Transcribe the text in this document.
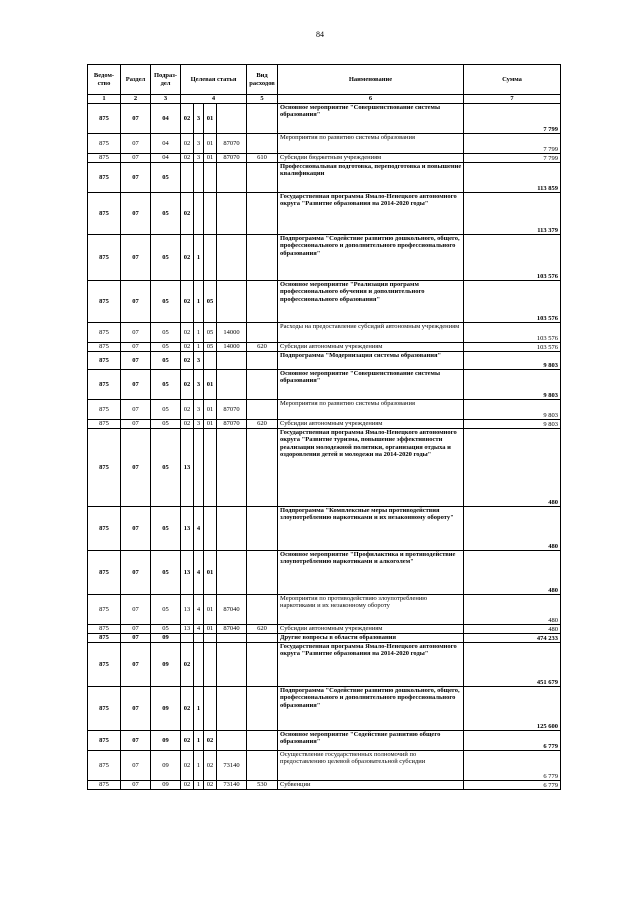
84
Ведом-ство	Раздел	Подраз-дел	Целевая статья				Вид расходов	Наименование	Сумма
1	2	3	4				5	6	7
875	07	04	02	3	01			Основное мероприятие "Совершенствование системы образования"	7 799
875	07	04	02	3	01	87070		Мероприятия по развитию системы образования	7 799
875	07	04	02	3	01	87070	610	Субсидии бюджетным учреждениям	7 799
875	07	05						Профессиональная подготовка, переподготовка и повышение квалификации	113 859
875	07	05	02					Государственная программа Ямало-Ненецкого автономного округа "Развитие образования на 2014-2020 годы"	113 379
875	07	05	02	1				Подпрограмма "Содействие развитию дошкольного, общего, профессионального и дополнительного профессионального образования"	103 576
875	07	05	02	1	05			Основное мероприятие "Реализация программ профессионального обучения и дополнительного профессионального образования"	103 576
875	07	05	02	1	05	14000		Расходы на предоставление субсидий автономным учреждениям	103 576
875	07	05	02	1	05	14000	620	Субсидии автономным учреждениям	103 576
875	07	05	02	3				Подпрограмма "Модернизация системы образования"	9 803
875	07	05	02	3	01			Основное мероприятие "Совершенствование системы образования"	9 803
875	07	05	02	3	01	87070		Мероприятия по развитию системы образования	9 803
875	07	05	02	3	01	87070	620	Субсидии автономным учреждениям	9 803
875	07	05	13					Государственная программа Ямало-Ненецкого автономного округа "Развитие туризма, повышение эффективности реализации молодежной политики, организация отдыха и оздоровления детей и молодежи на 2014-2020 годы"	480
875	07	05	13	4				Подпрограмма "Комплексные меры противодействия злоупотреблению наркотиками и их незаконному обороту"	480
875	07	05	13	4	01			Основное мероприятие "Профилактика и противодействие злоупотреблению наркотиками и алкоголем"	480
875	07	05	13	4	01	87040		Мероприятия по противодействию злоупотреблению наркотиками и их незаконному обороту	480
875	07	05	13	4	01	87040	620	Субсидии автономным учреждениям	480
875	07	09						Другие вопросы в области образования	474 233
875	07	09	02					Государственная программа Ямало-Ненецкого автономного округа "Развитие образования на 2014-2020 годы"	451 679
875	07	09	02	1				Подпрограмма "Содействие развитию дошкольного, общего, профессионального и дополнительного профессионального образования"	125 600
875	07	09	02	1	02			Основное мероприятие "Содействие развитию общего образования"	6 779
875	07	09	02	1	02	73140		Осуществление государственных полномочий по предоставлению целевой образовательной субсидии	6 779
875	07	09	02	1	02	73140	530	Субвенции	6 779
